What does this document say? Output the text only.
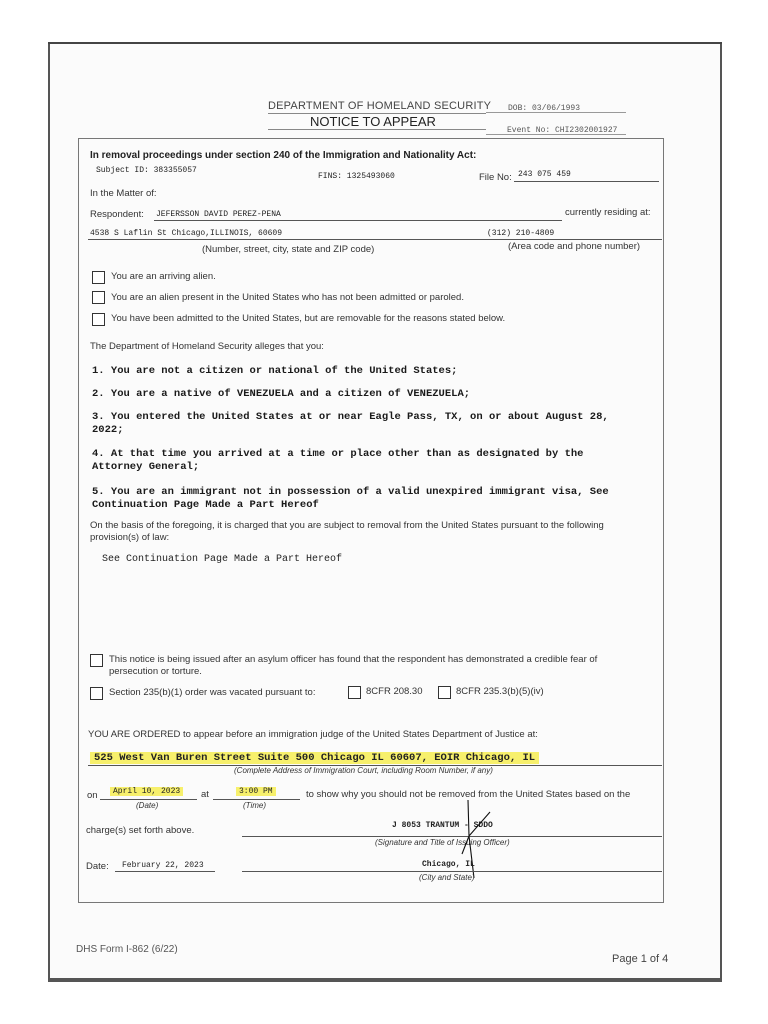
DEPARTMENT OF HOMELAND SECURITY
NOTICE TO APPEAR
DOB: 03/06/1993
Event No: CHI2302001927
In removal proceedings under section 240 of the Immigration and Nationality Act:
Subject ID: 383355057
FINS: 1325493060	File No: 243 075 459
In the Matter of:
Respondent: JEFERSSON DAVID PEREZ-PENA	currently residing at:
4538 S Laflin St Chicago,ILLINOIS, 60609	(312) 210-4809
(Number, street, city, state and ZIP code)	(Area code and phone number)
You are an arriving alien.
You are an alien present in the United States who has not been admitted or paroled.
You have been admitted to the United States, but are removable for the reasons stated below.
The Department of Homeland Security alleges that you:
1. You are not a citizen or national of the United States;
2. You are a native of VENEZUELA and a citizen of VENEZUELA;
3. You entered the United States at or near Eagle Pass, TX, on or about August 28, 2022;
4. At that time you arrived at a time or place other than as designated by the Attorney General;
5. You are an immigrant not in possession of a valid unexpired immigrant visa, See Continuation Page Made a Part Hereof
On the basis of the foregoing, it is charged that you are subject to removal from the United States pursuant to the following provision(s) of law:
See Continuation Page Made a Part Hereof
This notice is being issued after an asylum officer has found that the respondent has demonstrated a credible fear of persecution or torture.
Section 235(b)(1) order was vacated pursuant to:	8CFR 208.30	8CFR 235.3(b)(5)(iv)
YOU ARE ORDERED to appear before an immigration judge of the United States Department of Justice at:
525 West Van Buren Street Suite 500 Chicago IL 60607, EOIR Chicago, IL
(Complete Address of Immigration Court, including Room Number, if any)
on	April 10, 2023	at	3:00 PM	to show why you should not be removed from the United States based on the
(Date)	(Time)
charge(s) set forth above.	J 8053 TRANTUM - SDDO
(Signature and Title of Issuing Officer)
Date: February 22, 2023	Chicago, IL
(City and State)
DHS Form I-862 (6/22)
Page 1 of 4
